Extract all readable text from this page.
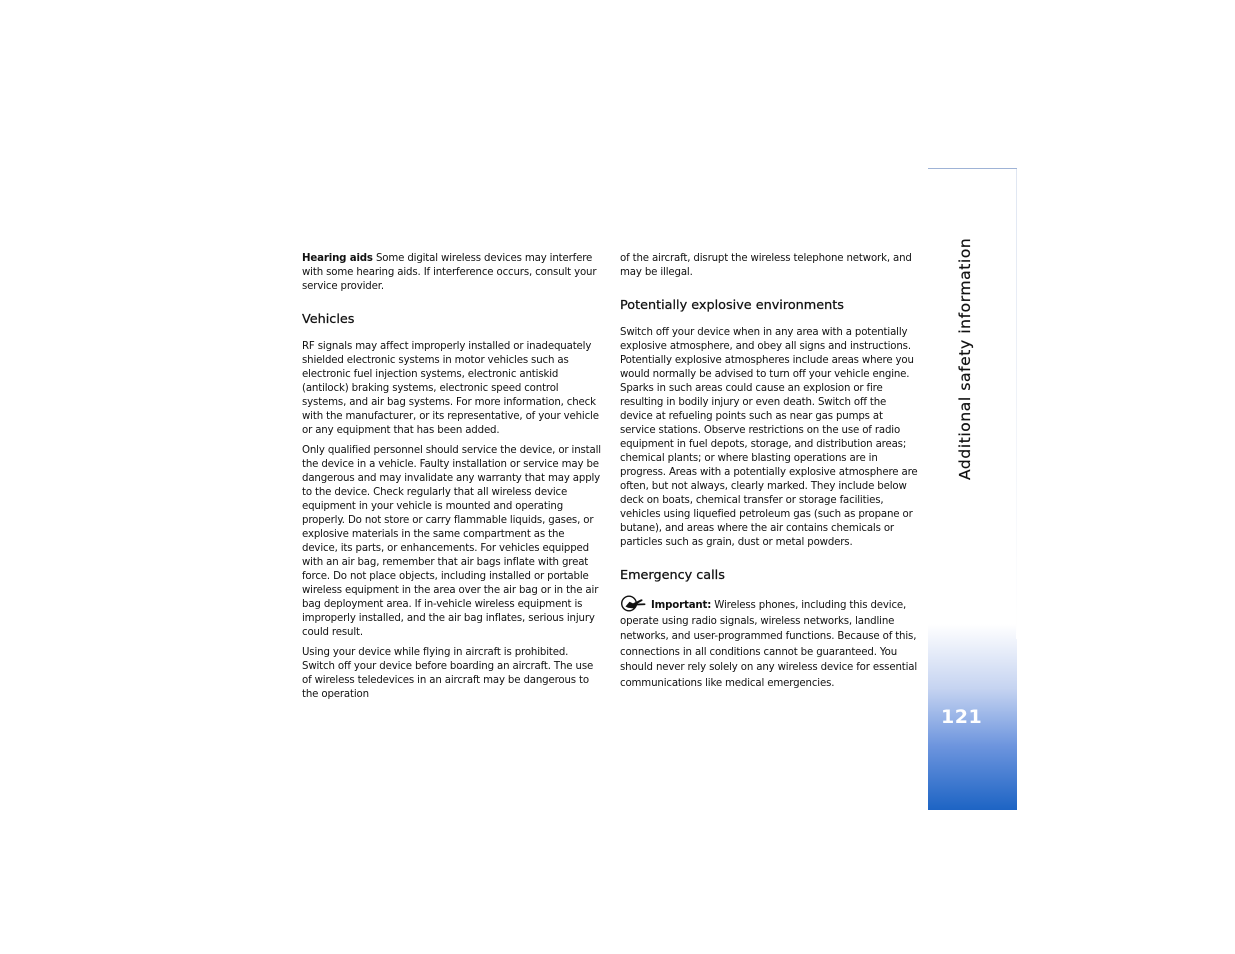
Additional safety information
121

Hearing aids Some digital wireless devices may interfere with some hearing aids. If interference occurs, consult your service provider.

Vehicles

RF signals may affect improperly installed or inadequately shielded electronic systems in motor vehicles such as electronic fuel injection systems, electronic antiskid (antilock) braking systems, electronic speed control systems, and air bag systems. For more information, check with the manufacturer, or its representative, of your vehicle or any equipment that has been added.

Only qualified personnel should service the device, or install the device in a vehicle. Faulty installation or service may be dangerous and may invalidate any warranty that may apply to the device. Check regularly that all wireless device equipment in your vehicle is mounted and operating properly. Do not store or carry flammable liquids, gases, or explosive materials in the same compartment as the device, its parts, or enhancements. For vehicles equipped with an air bag, remember that air bags inflate with great force. Do not place objects, including installed or portable wireless equipment in the area over the air bag or in the air bag deployment area. If in-vehicle wireless equipment is improperly installed, and the air bag inflates, serious injury could result.

Using your device while flying in aircraft is prohibited. Switch off your device before boarding an aircraft. The use of wireless teledevices in an aircraft may be dangerous to the operation

of the aircraft, disrupt the wireless telephone network, and may be illegal.

Potentially explosive environments

Switch off your device when in any area with a potentially explosive atmosphere, and obey all signs and instructions. Potentially explosive atmospheres include areas where you would normally be advised to turn off your vehicle engine. Sparks in such areas could cause an explosion or fire resulting in bodily injury or even death. Switch off the device at refueling points such as near gas pumps at service stations. Observe restrictions on the use of radio equipment in fuel depots, storage, and distribution areas; chemical plants; or where blasting operations are in progress. Areas with a potentially explosive atmosphere are often, but not always, clearly marked. They include below deck on boats, chemical transfer or storage facilities, vehicles using liquefied petroleum gas (such as propane or butane), and areas where the air contains chemicals or particles such as grain, dust or metal powders.

Emergency calls

Important: Wireless phones, including this device, operate using radio signals, wireless networks, landline networks, and user-programmed functions. Because of this, connections in all conditions cannot be guaranteed. You should never rely solely on any wireless device for essential communications like medical emergencies.
